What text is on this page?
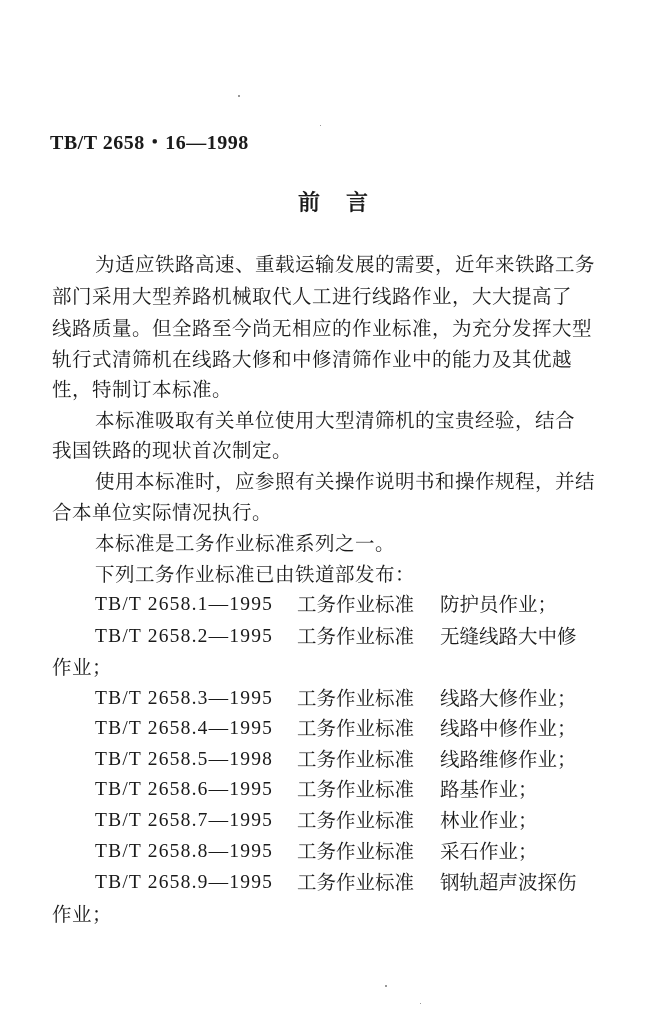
TB/T 2658・16—1998
前言
为适应铁路高速、重载运输发展的需要，近年来铁路工务
部门采用大型养路机械取代人工进行线路作业，大大提高了
线路质量。但全路至今尚无相应的作业标准，为充分发挥大型
轨行式清筛机在线路大修和中修清筛作业中的能力及其优越
性，特制订本标准。
本标准吸取有关单位使用大型清筛机的宝贵经验，结合
我国铁路的现状首次制定。
使用本标准时，应参照有关操作说明书和操作规程，并结
合本单位实际情况执行。
本标准是工务作业标准系列之一。
下列工务作业标准已由铁道部发布：
TB/T 2658.1—1995 工务作业标准 防护员作业；
TB/T 2658.2—1995 工务作业标准 无缝线路大中修
作业；
TB/T 2658.3—1995 工务作业标准 线路大修作业；
TB/T 2658.4—1995 工务作业标准 线路中修作业；
TB/T 2658.5—1998 工务作业标准 线路维修作业；
TB/T 2658.6—1995 工务作业标准 路基作业；
TB/T 2658.7—1995 工务作业标准 林业作业；
TB/T 2658.8—1995 工务作业标准 采石作业；
TB/T 2658.9—1995 工务作业标准 钢轨超声波探伤
作业；
